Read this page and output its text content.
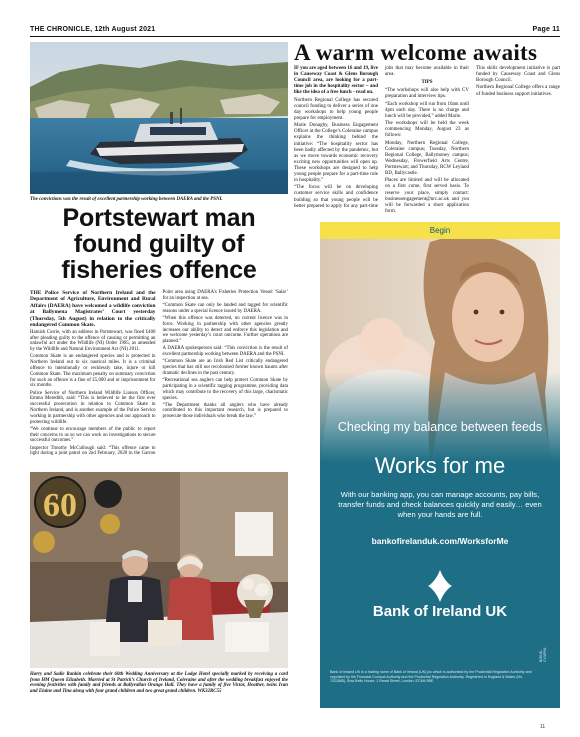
THE CHRONICLE, 12th August 2021	Page 11
The convictions was the result of excellent partnership working between DAERA and the PSNI.
A warm welcome awaits

IF you are aged between 16 and 19, live in Causeway Coast & Glens Borough Council area, are looking for a part-time job in the hospitality sector – and like the idea of a free lunch - read on.

Northern Regional College has secured council funding to deliver a series of one day workshops to help young people prepare for employment.

Marie Donaghy, Business Engagement Officer at the College’s Coleraine campus explains the thinking behind the initiative: “The hospitality sector has been badly affected by the pandemic, but as we move towards economic recovery exciting new opportunities will open up. These workshops are designed to help young people prepare for a part-time role in hospitality.”

“The focus will be on developing customer service skills and confidence building so that young people will be better prepared to apply for any part-time jobs that may become available in their area.

TIPS

“The workshops will also help with CV preparation and interview tips.

“Each workshop will run from 10am until 4pm each day. There is no charge and lunch will be provided,” added Marie.

The workshops will be held the week commencing Monday, August 23 as follows:

Monday, Northern Regional College, Coleraine campus; Tuesday, Northern Regional College, Ballymoney campus; Wednesday, Flowerfield Arts Centre, Portstewart; and Thursday, RCW Leyland RD, Ballycastle.

Places are limited and will be allocated on a first come, first served basis. To reserve your place, simply contact: businessengagement@nrc.ac.uk and you will be forwarded a short application form.

This skills development initiative is part funded by Causeway Coast and Glens Borough Council.

Northern Regional College offers a range of funded business support initiatives.

Portstewart man found guilty of fisheries offence

THE Police Service of Northern Ireland and the Department of Agriculture, Environment and Rural Affairs (DAERA) have welcomed a wildlife conviction at Ballymena Magistrates’ Court yesterday (Thursday, 5th August) in relation to the critically endangered Common Skate.

Hamish Currie, with an address in Portstewart, was fined £400 after pleading guilty to the offence of causing or permitting an unlawful act under the Wildlife (NI) Order 1985, as amended by the Wildlife and Natural Environment Act (NI) 2011.

Common Skate is an endangered species and is protected in Northern Ireland out to six nautical miles. It is a criminal offence to intentionally or recklessly take, injure or kill Common Skate. The maximum penalty on summary conviction for such an offence is a fine of £5,000 and or imprisonment for six months.

Police Service of Northern Ireland Wildlife Liaison Officer, Emma Meredith, said: “This is believed to be the first ever successful prosecution in relation to Common Skate in Northern Ireland, and is another example of the Police Service working in partnership with other agencies and our approach to protecting wildlife.

“We continue to encourage members of the public to report their concerns to us so we can work on investigations to secure successful outcomes.”

Inspector Timothy McCullough said: “This offence came to light during a joint patrol on 2nd February, 2020 in the Garron Point area using DAERA’s Fisheries Protection Vessel ‘Salar’ for an inspection at sea.

“Common Skate can only be landed and tagged for scientific reasons under a special licence issued by DAERA.

“When this offence was detected, no current licence was in force. Working in partnership with other agencies greatly increases our ability to detect and enforce this legislation and we welcome yesterday’s court outcome. Further operations are planned.”

A DAERA spokesperson said: “This conviction is the result of excellent partnership working between DAERA and the PSNI.

“Common Skate are an Irish Red List critically endangered species that has still not recolonised former known haunts after dramatic declines in the past century.

“Recreational sea anglers can help protect Common Skate by participating in a scientific tagging programme, providing data which may contribute to the recovery of this large, charismatic species.

“The Department thanks all anglers who have already contributed to this important research, but is prepared to prosecute those individuals who break the law.”

60
Harry and Sadie Rankin celebrate their 60th Wedding Anniversary at the Lodge Hotel specially marked by receiving a card from HM Queen Elizabeth. Married at St Patrick’s Church of Ireland, Coleraine and after the wedding breakfast enjoyed the evening festivities with family and friends at Ballyrallan Orange Hall. They have a family of five Victor, Heather, twins Ivan and Elaine and Tina along with four grand children and two great grand children. WK32RC55
Begin
Checking my balance between feeds
Works for me
With our banking app, you can manage accounts, pay bills, transfer funds and check balances quickly and easily… even when your hands are full.
bankofirelanduk.com/WorksforMe
Bank of Ireland UK
Bank of Ireland UK is a trading name of Bank of Ireland (UK) plc which is authorised by the Prudential Regulation Authority and regulated by the Financial Conduct Authority and the Prudential Regulation Authority. Registered in England & Wales (No. 7022885), Bow Bells House, 1 Bread Street, London, EC4M 9BE.
BOIUK-CV1PRA
11
